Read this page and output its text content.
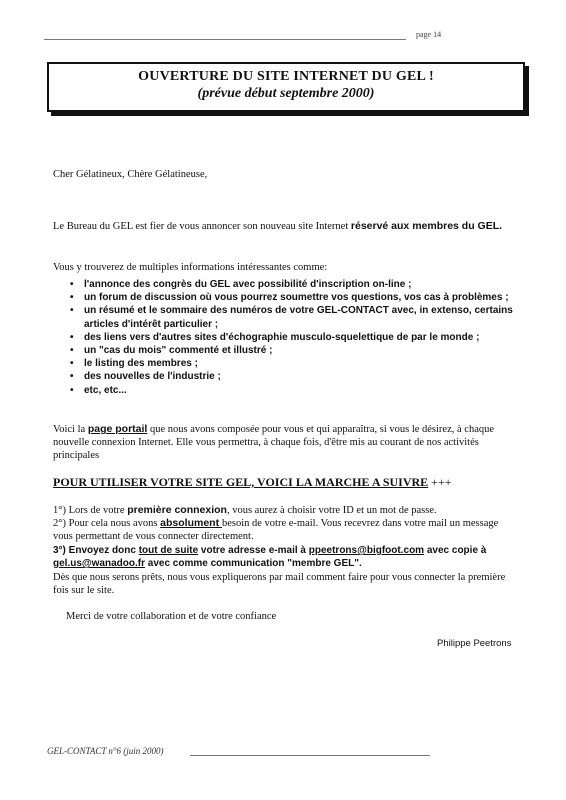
page 14
OUVERTURE DU SITE INTERNET DU GEL !
(prévue début septembre 2000)
Cher Gélatineux, Chère Gélatineuse,
Le Bureau du GEL est fier de vous annoncer son nouveau site Internet réservé aux membres du GEL.
Vous y trouverez de multiples informations intéressantes comme:
• l'annonce des congrès du GEL avec possibilité d'inscription on-line ;
• un forum de discussion où vous pourrez soumettre vos questions, vos cas à problèmes ;
• un résumé et le sommaire des numéros de votre GEL-CONTACT avec, in extenso, certains articles d'intérêt particulier ;
• des liens vers d'autres sites d'échographie musculo-squelettique de par le monde ;
• un "cas du mois" commenté et illustré ;
• le listing des membres ;
• des nouvelles de l'industrie ;
• etc, etc...
Voici la page portail que nous avons composée pour vous et qui apparaîtra, si vous le désirez, à chaque nouvelle connexion Internet. Elle vous permettra, à chaque fois, d'être mis au courant de nos activités principales
POUR UTILISER VOTRE SITE GEL, VOICI LA MARCHE A SUIVRE +++
1°) Lors de votre première connexion, vous aurez à choisir votre ID et un mot de passe.
2°) Pour cela nous avons absolument besoin de votre e-mail. Vous recevrez dans votre mail un message vous permettant de vous connecter directement.
3°) Envoyez donc tout de suite votre adresse e-mail à ppeetrons@bigfoot.com avec copie à gel.us@wanadoo.fr avec comme communication "membre GEL".
Dès que nous serons prêts, nous vous expliquerons par mail comment faire pour vous connecter la première fois sur le site.
Merci de votre collaboration et de votre confiance
Philippe Peetrons
GEL-CONTACT n°6 (juin 2000)
